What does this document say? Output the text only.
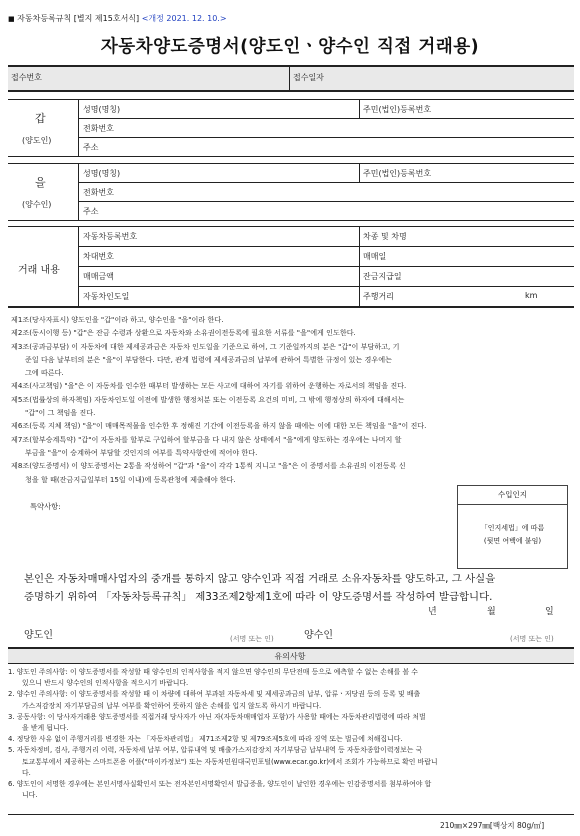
■ 자동차등록규칙 [별지 제15호서식] <개정 2021. 12. 10.>
자동차양도증명서(양도인ㆍ양수인 직접 거래용)
접수번호	접수일자
갑
(양도인)
성명(명칭)	주민(법인)등록번호
전화번호
주소
을
(양수인)
성명(명칭)	주민(법인)등록번호
전화번호
주소
거래 내용
자동차등록번호	차종 및 차명
차대번호	매매일
매매금액	잔금지급일
자동차인도일	주행거리	km
제1조(당사자표시) 양도인을 "갑"이라 하고, 양수인을 "을"이라 한다.
제2조(동시이행 등) "갑"은 잔금 수령과 상환으로 자동차와 소유권이전등록에 필요한 서류를 "을"에게 인도한다.
제3조(공과금부담) 이 자동차에 대한 제세공과금은 자동차 인도일을 기준으로 하여, 그 기준일까지의 분은 "갑"이 부담하고, 기
준일 다음 날부터의 분은 "을"이 부담한다. 다만, 관계 법령에 제세공과금의 납부에 관하여 특별한 규정이 있는 경우에는
그에 따른다.
제4조(사고책임) "을"은 이 자동차를 인수한 때부터 발생하는 모든 사고에 대하여 자기를 위하여 운행하는 자로서의 책임을 진다.
제5조(법률상의 하자책임) 자동차인도일 이전에 발생한 행정처분 또는 이전등록 요건의 미비, 그 밖에 행정상의 하자에 대해서는
"갑"이 그 책임을 진다.
제6조(등록 지체 책임) "을"이 매매목적물을 인수한 후 정해진 기간에 이전등록을 하지 않을 때에는 이에 대한 모든 책임을 "을"이 진다.
제7조(할부승계특약) "갑"이 자동차를 할부로 구입하여 할부금을 다 내지 않은 상태에서 "을"에게 양도하는 경우에는 나머지 할
부금을 "을"이 승계하여 부담할 것인지의 여부를 특약사항란에 적어야 한다.
제8조(양도증명서) 이 양도증명서는 2통을 작성하여 "갑"과 "을"이 각각 1통씩 지니고 "을"은 이 증명서를 소유권의 이전등록 신
청을 할 때(잔금지급일부터 15일 이내)에 등록관청에 제출해야 한다.
특약사항:
수입인지
「인지세법」에 따름
(뒷면 여백에 붙임)
본인은 자동차매매사업자의 중개를 통하지 않고 양수인과 직접 거래로 소유자동차를 양도하고, 그 사실을
증명하기 위하여 「자동차등록규칙」 제33조제2항제1호에 따라 이 양도증명서를 작성하여 발급합니다.
년	월	일
양도인	(서명 또는 인)	양수인	(서명 또는 인)
유의사항
1. 양도인 주의사항: 이 양도증명서를 작성할 때 양수인의 인적사항을 적지 않으면 양수인의 무단전매 등으로 예측할 수 없는 손해를 볼 수
있으니 반드시 양수인의 인적사항을 적으시기 바랍니다.
2. 양수인 주의사항: 이 양도증명서를 작성할 때 이 차량에 대하여 부과된 자동차세 및 제세공과금의 납부, 압류ㆍ저당권 등의 등록 및 배출
가스저감장치 자기부담금의 납부 여부를 확인하여 뜻하지 않은 손해를 입지 않도록 하시기 바랍니다.
3. 공동사항: 이 당사자거래용 양도증명서를 직접거래 당사자가 아닌 자(자동차매매업자 포함)가 사용할 때에는 자동차관리법령에 따라 처벌
을 받게 됩니다.
4. 정당한 사유 없이 주행거리를 변경한 자는 「자동차관리법」 제71조제2항 및 제79조제5호에 따라 징역 또는 벌금에 처해집니다.
5. 자동차정비, 검사, 주행거리 이력, 자동차세 납부 여부, 압류내역 및 배출가스저감장치 자기부담금 납부내역 등 자동차종합이력정보는 국
토교통부에서 제공하는 스마트폰용 어플("마이카정보") 또는 자동차민원대국민포털(www.ecar.go.kr)에서 조회가 가능하므로 확인 바랍니
다.
6. 양도인이 서명한 경우에는 본인서명사실확인서 또는 전자본인서명확인서 발급증을, 양도인이 날인한 경우에는 인감증명서를 첨부하여야 합
니다.
210㎜×297㎜[백상지 80g/㎡]
